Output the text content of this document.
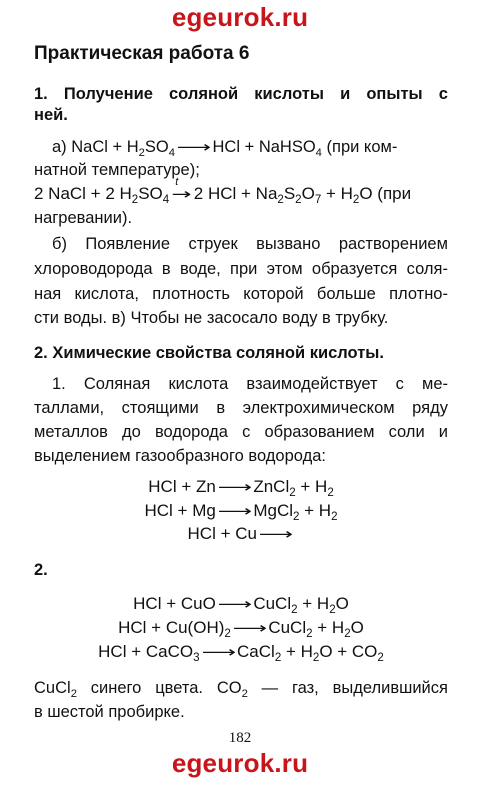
egeurok.ru
Практическая работа 6
1. Получение соляной кислоты и опыты с
ней.
а) NaCl + $H_2SO_4$ ⟶HCl + NaHSO$_4$ (при ком-
натной температуре);
2 NaCl + 2 $H_2SO_4$
t
→ 2 HCl + $Na_2S_2O_7 + H_2O$ (при
нагревании).
б) Появление струек вызвано растворением
хлороводорода в воде, при этом образуется соля-
ная кислота, плотность которой больше плотно-
сти воды. в) Чтобы не засосало воду в трубку.
2. Химические свойства соляной кислоты.
1. Соляная кислота взаимодействует с ме-
таллами, стоящими в электрохимическом ряду
металлов до водорода с образованием соли и
выделением газообразного водорода:
HCl + Zn ⟶ZnCl$_2$ + $H_2$
HCl + Mg ⟶MgCl$_2$ + $H_2$
HCl + Cu ⟶
2.
HCl + CuO ⟶CuCl$_2$ + $H_2O$
HCl + $Cu(OH)_2$ ⟶CuCl$_2$ + $H_2O$
HCl + CaCO$_3$ ⟶CaCl$_2$ + $H_2O + CO_2$
CuCl$_2$ синего цвета. $CO_2$ — газ, выделившийся
в шестой пробирке.
182
egeurok.ru
